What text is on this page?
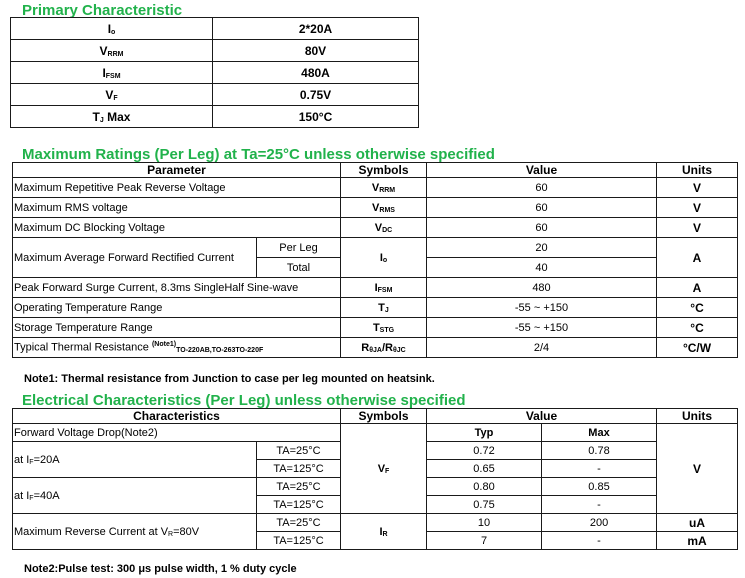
Primary Characteristic
$I_o$	2*20A
$V_{RRM}$	80V
$I_{FSM}$	480A
$V_F$	0.75V
$T_J$ Max	150°C
Maximum Ratings (Per Leg) at Ta=25°C unless otherwise specified
Parameter		Symbols	Value	Units
Maximum Repetitive Peak Reverse Voltage		$V_{RRM}$	60	V
Maximum RMS voltage		$V_{RMS}$	60	V
Maximum DC Blocking Voltage		$V_{DC}$	60	V
Maximum Average Forward Rectified Current	Per Leg	$I_o$	20	A
	Total		40	
Peak Forward Surge Current, 8.3ms SingleHalf Sine-wave		$I_{FSM}$	480	A
Operating Temperature Range		$T_J$	-55 ~ +150	°C
Storage Temperature Range		$T_{STG}$	-55 ~ +150	°C
Typical Thermal Resistance $^{(Note1)}_{TO-220AB,TO-263TO-220F}$		$R_{\theta JA}/R_{\theta JC}$	2/4	°C/W
Note1: Thermal resistance from Junction to case per leg mounted on heatsink.
Electrical Characteristics (Per Leg) unless otherwise specified
Characteristics		Symbols	Value		Units
Forward Voltage Drop(Note2)		$V_F$	Typ	Max	V
at $I_F=20A$	TA=25°C		0.72	0.78	
	TA=125°C		0.65	-	
at $I_F=40A$	TA=25°C		0.80	0.85	
	TA=125°C		0.75	-	
Maximum Reverse Current at $V_R=80V$	TA=25°C	$I_R$	10	200	uA
	TA=125°C		7	-	mA
Note2:Pulse test: 300 μs pulse width, 1 % duty cycle
